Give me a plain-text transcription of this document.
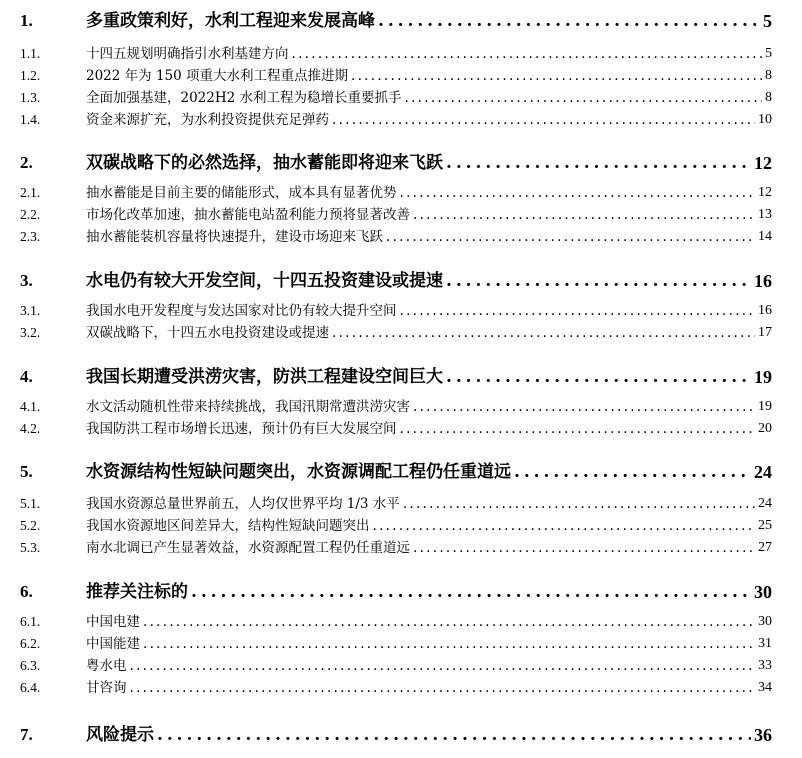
1.	多重政策利好，水利工程迎来发展高峰 . . .	5
1.1.	十四五规划明确指引水利基建方向 . . .	5
1.2.	2022 年为 150 项重大水利工程重点推进期 . . .	8
1.3.	全面加强基建，2022H2 水利工程为稳增长重要抓手 . . .	8
1.4.	资金来源扩充，为水利投资提供充足弹药 . . .	10
2.	双碳战略下的必然选择，抽水蓄能即将迎来飞跃 . . .	12
2.1.	抽水蓄能是目前主要的储能形式，成本具有显著优势 . . .	12
2.2.	市场化改革加速，抽水蓄能电站盈利能力预将显著改善 . . .	13
2.3.	抽水蓄能装机容量将快速提升，建设市场迎来飞跃 . . .	14
3.	水电仍有较大开发空间，十四五投资建设或提速 . . .	16
3.1.	我国水电开发程度与发达国家对比仍有较大提升空间 . . .	16
3.2.	双碳战略下，十四五水电投资建设或提速 . . .	17
4.	我国长期遭受洪涝灾害，防洪工程建设空间巨大 . . .	19
4.1.	水文活动随机性带来持续挑战，我国汛期常遭洪涝灾害 . . .	19
4.2.	我国防洪工程市场增长迅速，预计仍有巨大发展空间 . . .	20
5.	水资源结构性短缺问题突出，水资源调配工程仍任重道远 . . .	24
5.1.	我国水资源总量世界前五，人均仅世界平均 1/3 水平 . . .	24
5.2.	我国水资源地区间差异大，结构性短缺问题突出 . . .	25
5.3.	南水北调已产生显著效益，水资源配置工程仍任重道远 . . .	27
6.	推荐关注标的 . . .	30
6.1.	中国电建 . . .	30
6.2.	中国能建 . . .	31
6.3.	粤水电 . . .	33
6.4.	甘咨询 . . .	34
7.	风险提示 . . .	36
